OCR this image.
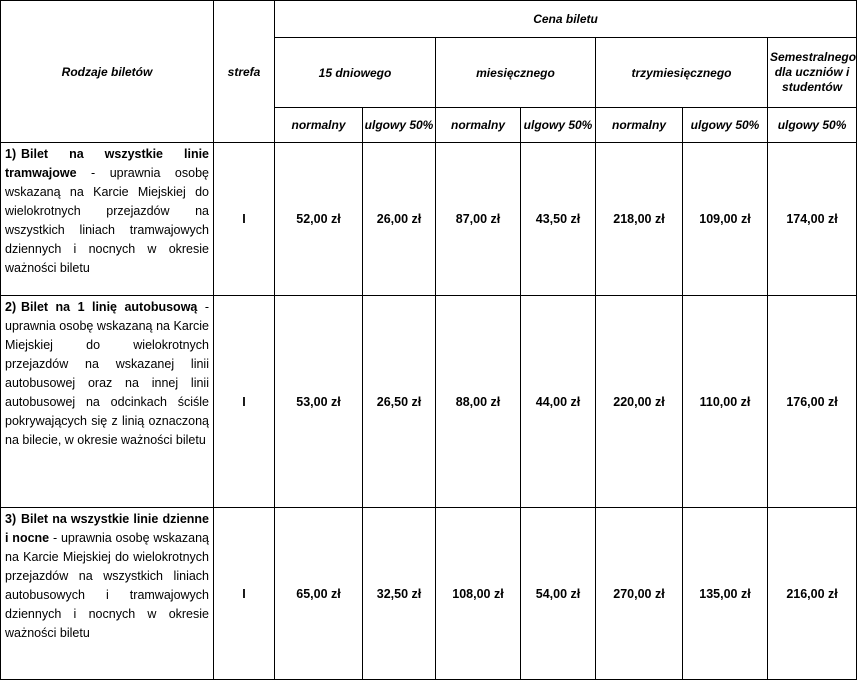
Rodzaje biletów	strefa	Cena biletu						
		15 dniowego		miesięcznego		trzymiesięcznego		Semestralnego dla uczniów i studentów
		normalny	ulgowy 50%	normalny	ulgowy 50%	normalny	ulgowy 50%	ulgowy 50%
1) Bilet na wszystkie linie tramwajowe - uprawnia osobę wskazaną na Karcie Miejskiej do wielokrotnych przejazdów na wszystkich liniach tramwajowych dziennych i nocnych w okresie ważności biletu	I	52,00 zł	26,00 zł	87,00 zł	43,50 zł	218,00 zł	109,00 zł	174,00 zł
2) Bilet na 1 linię autobusową - uprawnia osobę wskazaną na Karcie Miejskiej do wielokrotnych przejazdów na wskazanej linii autobusowej oraz na innej linii autobusowej na odcinkach ściśle pokrywających się z linią oznaczoną na bilecie, w okresie ważności biletu	I	53,00 zł	26,50 zł	88,00 zł	44,00 zł	220,00 zł	110,00 zł	176,00 zł
3) Bilet na wszystkie linie dzienne i nocne - uprawnia osobę wskazaną na Karcie Miejskiej do wielokrotnych przejazdów na wszystkich liniach autobusowych i tramwajowych dziennych i nocnych w okresie ważności biletu	I	65,00 zł	32,50 zł	108,00 zł	54,00 zł	270,00 zł	135,00 zł	216,00 zł
